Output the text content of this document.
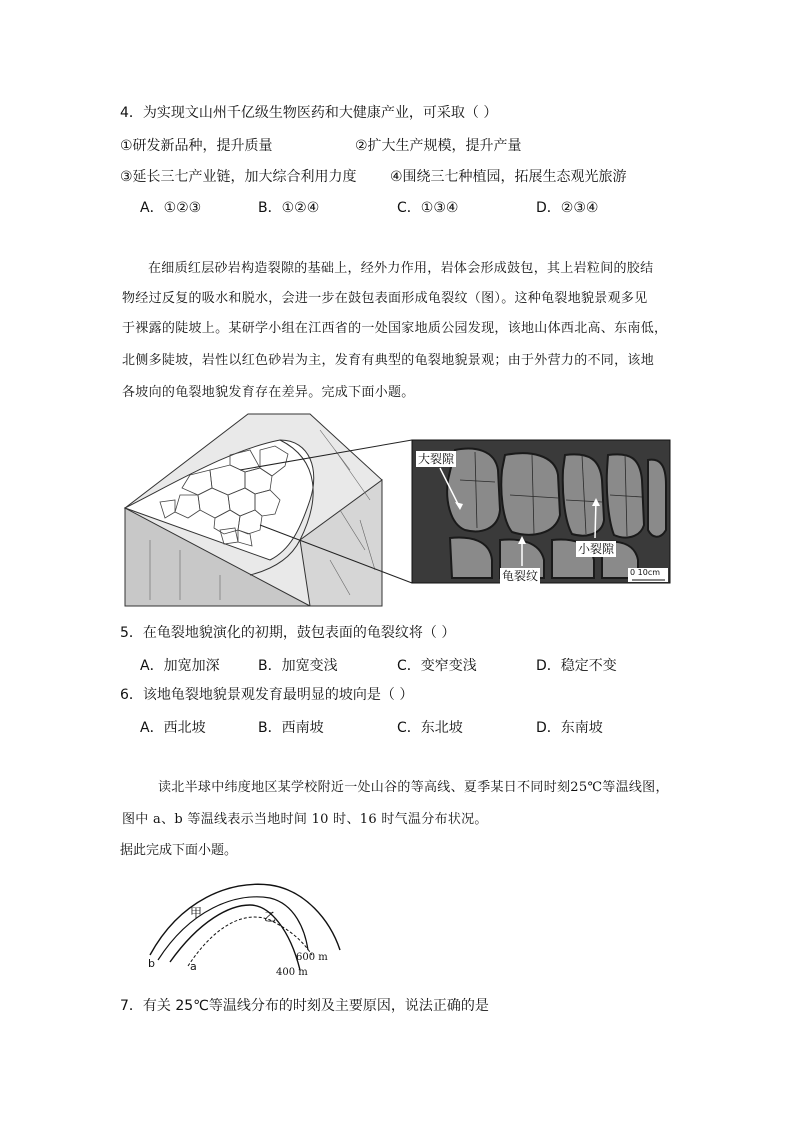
4．为实现文山州千亿级生物医药和大健康产业，可采取（ ）
①研发新品种，提升质量	②扩大生产规模，提升产量
③延长三七产业链，加大综合利用力度 ④围绕三七种植园，拓展生态观光旅游
A．①②③	B．①②④	C．①③④	D．②③④
在细质红层砂岩构造裂隙的基础上，经外力作用，岩体会形成鼓包，其上岩粒间的胶结
物经过反复的吸水和脱水，会进一步在鼓包表面形成龟裂纹（图）。这种龟裂地貌景观多见
于裸露的陡坡上。某研学小组在江西省的一处国家地质公园发现，该地山体西北高、东南低，
北侧多陡坡，岩性以红色砂岩为主，发育有典型的龟裂地貌景观；由于外营力的不同，该地
各坡向的龟裂地貌发育存在差异。完成下面小题。
大裂隙
小裂隙
龟裂纹	0 10cm
5．在龟裂地貌演化的初期，鼓包表面的龟裂纹将（ ）
A．加宽加深	B．加宽变浅	C．变窄变浅	D．稳定不变
6．该地龟裂地貌景观发育最明显的坡向是（ ）
A．西北坡	B．西南坡	C．东北坡	D．东南坡
读北半球中纬度地区某学校附近一处山谷的等高线、夏季某日不同时刻25℃等温线图，
图中 a、b 等温线表示当地时间 10 时、16 时气温分布状况。
据此完成下面小题。
甲	乙
b	a
600 m
400 m
7．有关 25℃等温线分布的时刻及主要原因，说法正确的是
